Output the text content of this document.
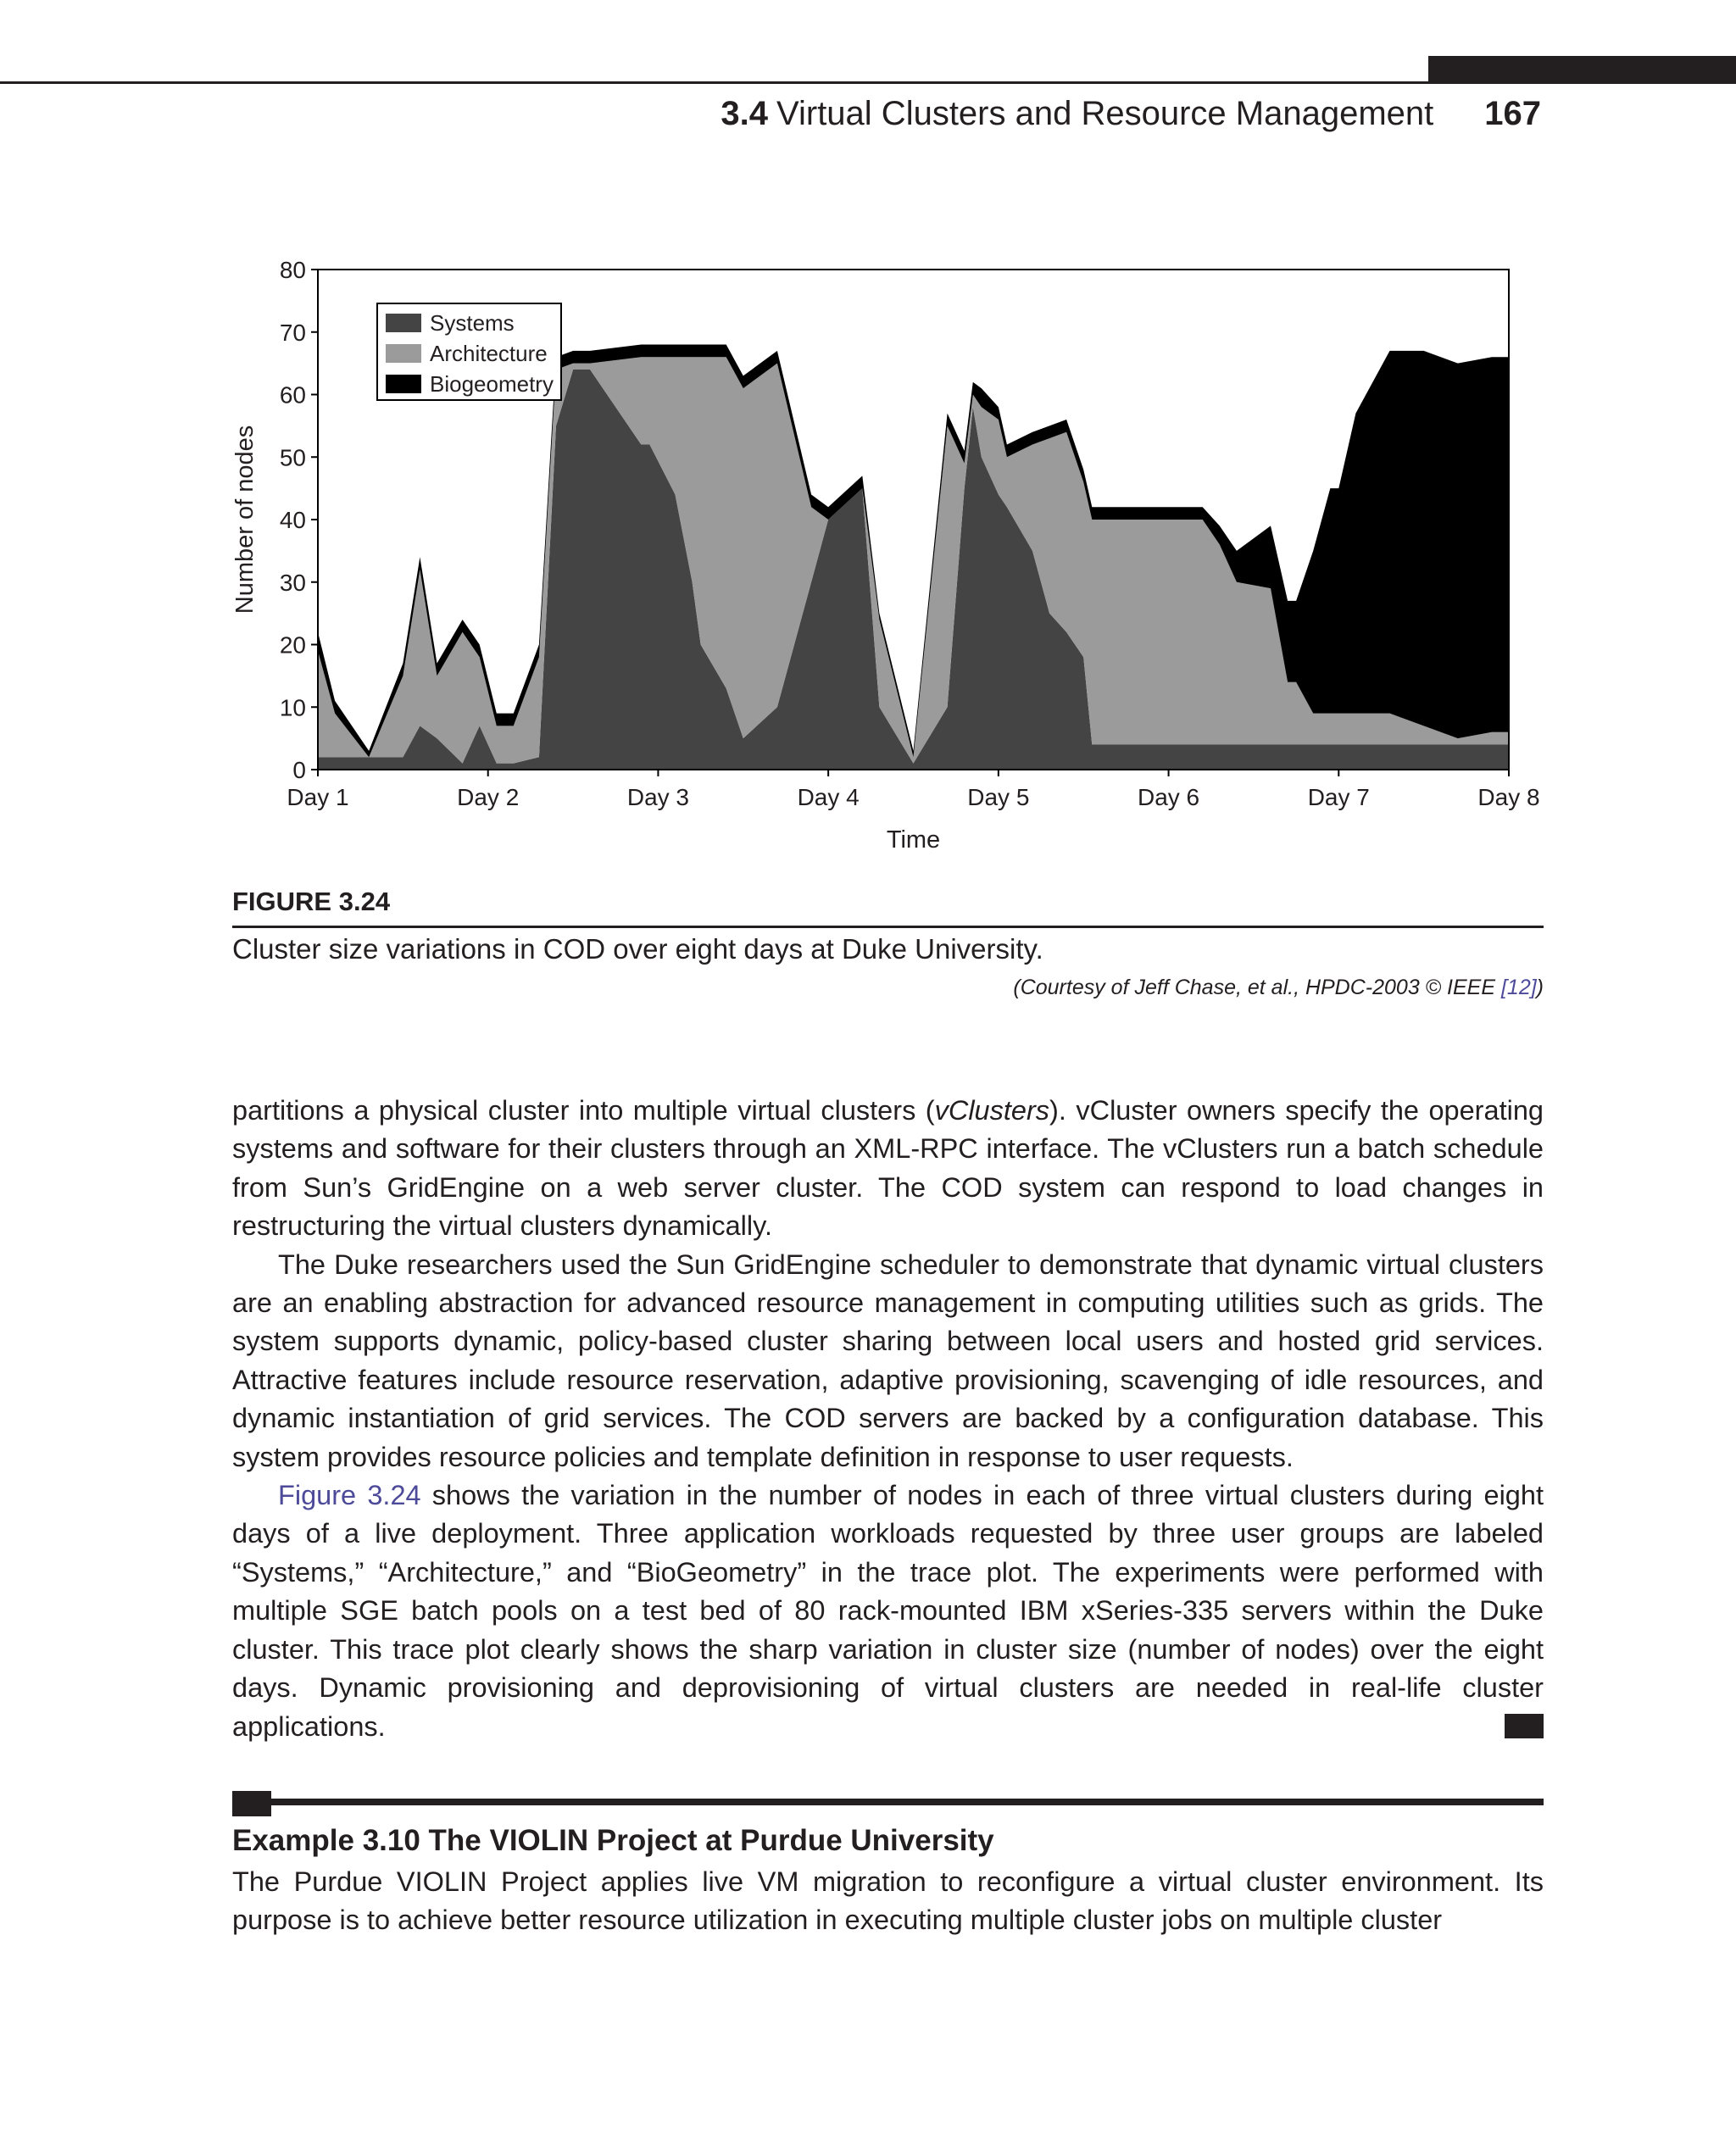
3.4 Virtual Clusters and Resource Management 167
0
10
20
30
40
50
60
70
80
Day 1	Day 2	Day 3	Day 4	Day 5	Day 6	Day 7	Day 8
Time
Number of nodes
Systems
Architecture
Biogeometry
FIGURE 3.24
Cluster size variations in COD over eight days at Duke University.
(Courtesy of Jeff Chase, et al., HPDC-2003 © IEEE [12])

partitions a physical cluster into multiple virtual clusters (vClusters). vCluster owners specify the operating systems and software for their clusters through an XML-RPC interface. The vClusters run a batch schedule from Sun’s GridEngine on a web server cluster. The COD system can respond to load changes in restructuring the virtual clusters dynamically.

The Duke researchers used the Sun GridEngine scheduler to demonstrate that dynamic virtual clusters are an enabling abstraction for advanced resource management in computing utilities such as grids. The system supports dynamic, policy-based cluster sharing between local users and hosted grid services. Attractive features include resource reservation, adaptive provisioning, scavenging of idle resources, and dynamic instantiation of grid services. The COD servers are backed by a configuration database. This system provides resource policies and template definition in response to user requests.

Figure 3.24 shows the variation in the number of nodes in each of three virtual clusters during eight days of a live deployment. Three application workloads requested by three user groups are labeled “Systems,” “Architecture,” and “BioGeometry” in the trace plot. The experiments were performed with multiple SGE batch pools on a test bed of 80 rack-mounted IBM xSeries-335 servers within the Duke cluster. This trace plot clearly shows the sharp variation in cluster size (number of nodes) over the eight days. Dynamic provisioning and deprovisioning of virtual clusters are needed in real-life cluster applications.

Example 3.10 The VIOLIN Project at Purdue University

The Purdue VIOLIN Project applies live VM migration to reconfigure a virtual cluster environment. Its purpose is to achieve better resource utilization in executing multiple cluster jobs on multiple cluster
